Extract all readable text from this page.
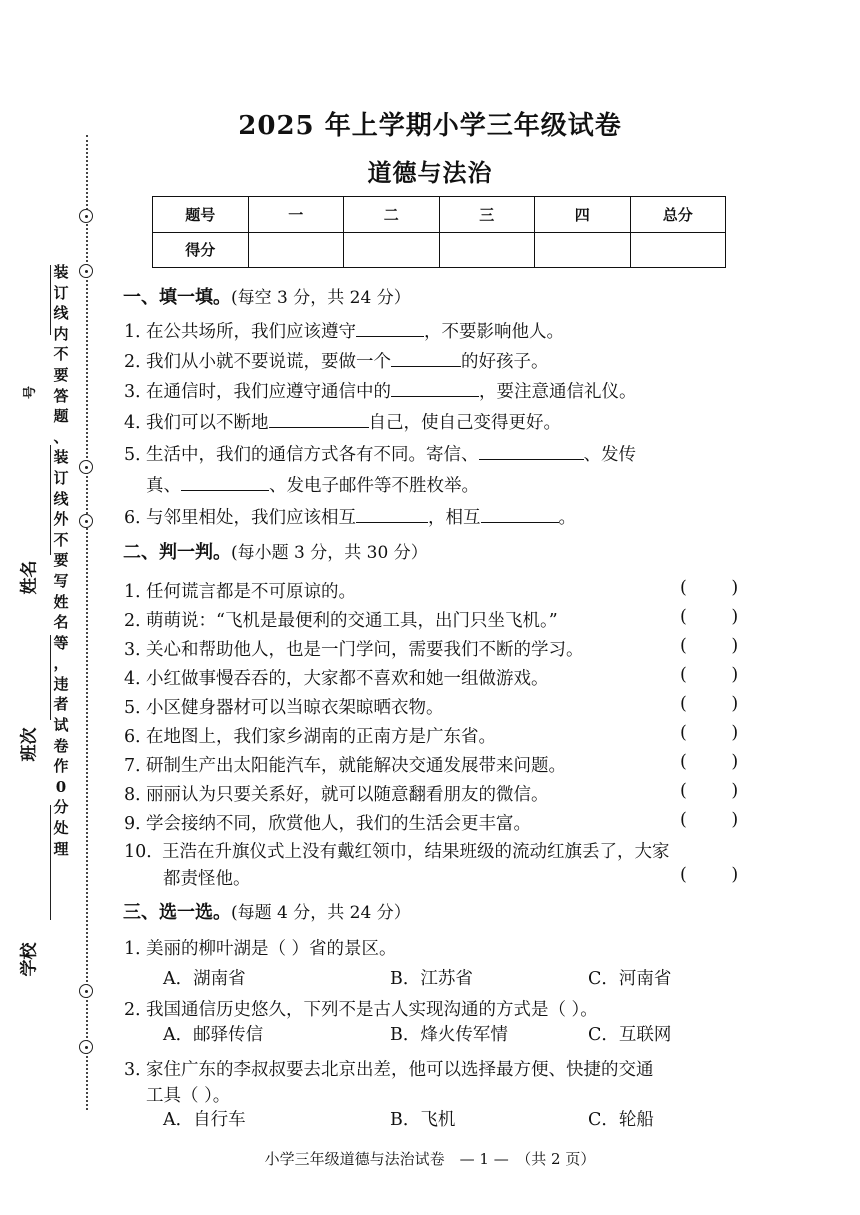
装
订
线
内
不
要
答
题
、
装
订
线
外
不
要
写
姓
名
等
，
违
者
试
卷
作
0
分
处
理
号
姓名
班次
学校
2025 年上学期小学三年级试卷
道德与法治
题号	一	二	三	四	总分
得分					
一、填一填。(每空 3 分，共 24 分）
1．在公共场所，我们应该遵守	，不要影响他人。
2．我们从小就不要说谎，要做一个	的好孩子。
3．在通信时，我们应遵守通信中的	，要注意通信礼仪。
4．我们可以不断地	自己，使自己变得更好。
5．生活中，我们的通信方式各有不同。寄信、	、发传
真、	、发电子邮件等不胜枚举。
6．与邻里相处，我们应该相互	，相互	。
二、判一判。(每小题 3 分，共 30 分）
1．任何谎言都是不可原谅的。	(        )
2．萌萌说：“飞机是最便利的交通工具，出门只坐飞机。”	(        )
3．关心和帮助他人，也是一门学问，需要我们不断的学习。	(        )
4．小红做事慢吞吞的，大家都不喜欢和她一组做游戏。	(        )
5．小区健身器材可以当晾衣架晾晒衣物。	(        )
6．在地图上，我们家乡湖南的正南方是广东省。	(        )
7．研制生产出太阳能汽车，就能解决交通发展带来问题。	(        )
8．丽丽认为只要关系好，就可以随意翻看朋友的微信。	(        )
9．学会接纳不同，欣赏他人，我们的生活会更丰富。	(        )
10．王浩在升旗仪式上没有戴红领巾，结果班级的流动红旗丢了，大家
都责怪他。	(        )
三、选一选。(每题 4 分，共 24 分）
1．美丽的柳叶湖是（ ）省的景区。
A．湖南省	B．江苏省	C．河南省
2．我国通信历史悠久，下列不是古人实现沟通的方式是（ ）。
A．邮驿传信	B．烽火传军情	C．互联网
3．家住广东的李叔叔要去北京出差，他可以选择最方便、快捷的交通
工具（ ）。
A．自行车	B．飞机	C．轮船
小学三年级道德与法治试卷　— 1 —　（共 2 页）
